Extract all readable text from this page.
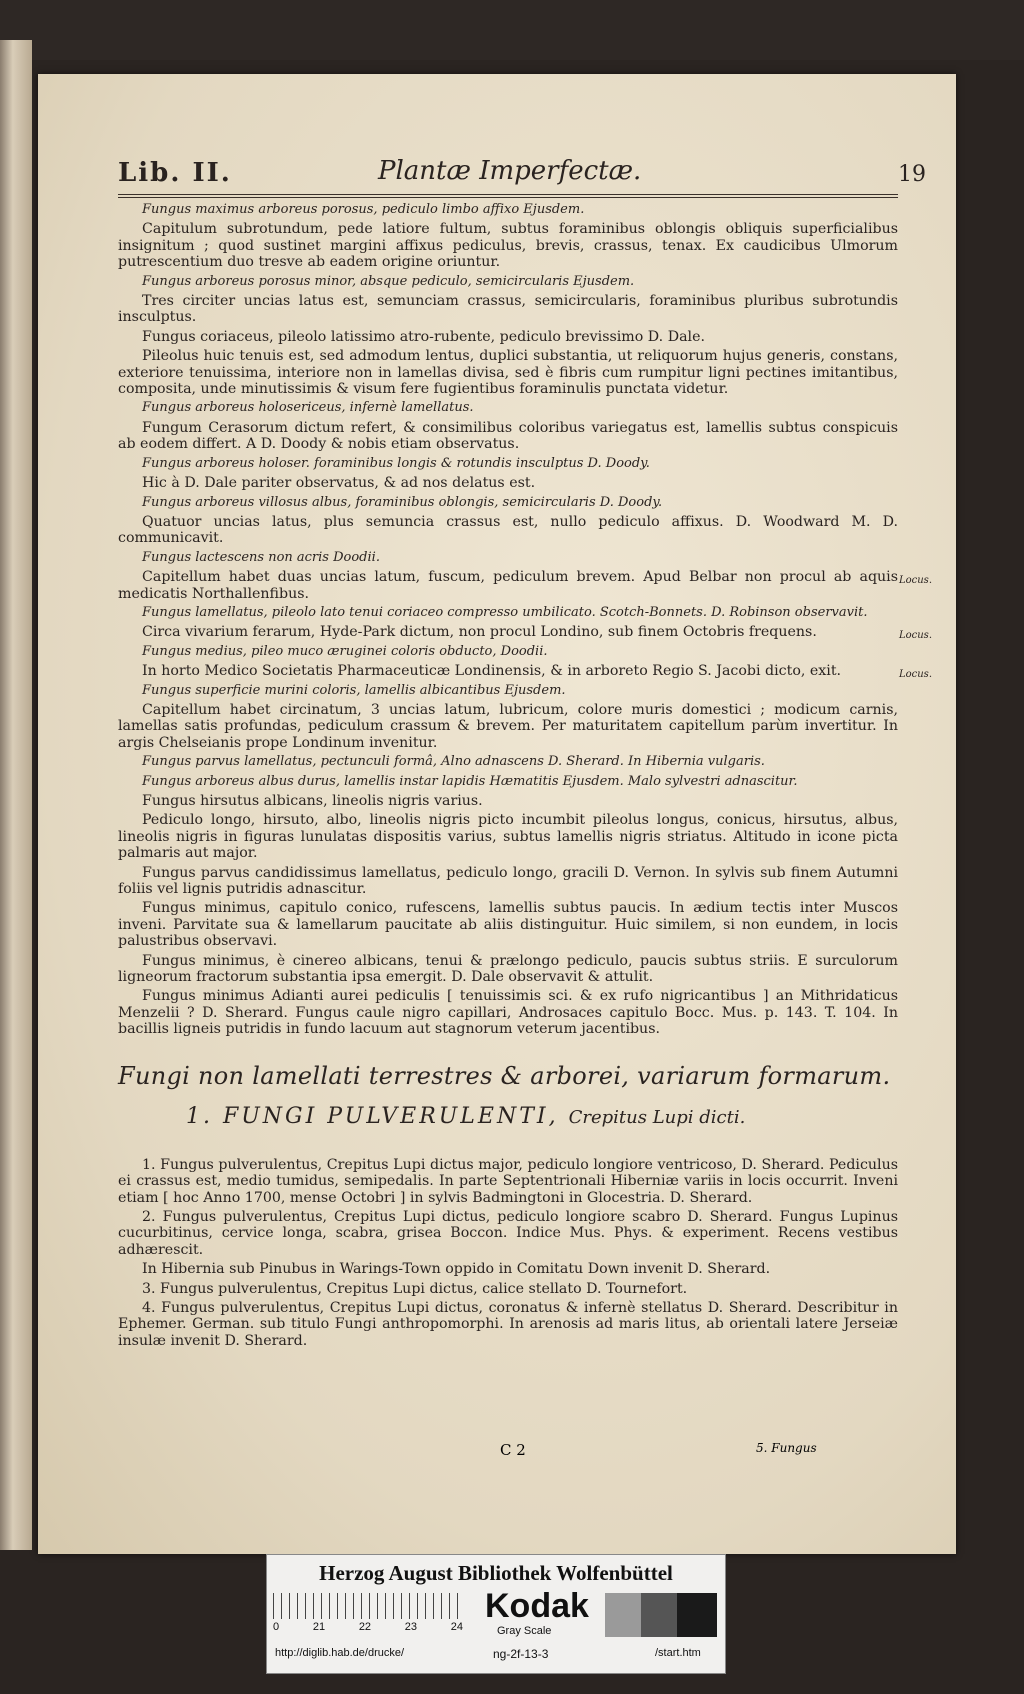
Lib. II.	Plantæ Imperfectæ.	19

Fungus maximus arboreus porosus, pediculo limbo affixo Ejusdem.

Capitulum subrotundum, pede latiore fultum, subtus foraminibus oblongis obliquis superficialibus insignitum ; quod sustinet margini affixus pediculus, brevis, crassus, tenax. Ex caudicibus Ulmorum putrescentium duo tresve ab eadem origine oriuntur.

Fungus arboreus porosus minor, absque pediculo, semicircularis Ejusdem.

Tres circiter uncias latus est, semunciam crassus, semicircularis, foraminibus pluribus subrotundis insculptus.

Fungus coriaceus, pileolo latissimo atro-rubente, pediculo brevissimo D. Dale.

Pileolus huic tenuis est, sed admodum lentus, duplici substantia, ut reliquorum hujus generis, constans, exteriore tenuissima, interiore non in lamellas divisa, sed è fibris cum rumpitur ligni pectines imitantibus, composita, unde minutissimis & visum fere fugientibus foraminulis punctata videtur.

Fungus arboreus holosericeus, infernè lamellatus.

Fungum Cerasorum dictum refert, & consimilibus coloribus variegatus est, lamellis subtus conspicuis ab eodem differt. A D. Doody & nobis etiam observatus.

Fungus arboreus holoser. foraminibus longis & rotundis insculptus D. Doody.

Hic à D. Dale pariter observatus, & ad nos delatus est.

Fungus arboreus villosus albus, foraminibus oblongis, semicircularis D. Doody.

Quatuor uncias latus, plus semuncia crassus est, nullo pediculo affixus. D. Woodward M. D. communicavit.

Fungus lactescens non acris Doodii.

Capitellum habet duas uncias latum, fuscum, pediculum brevem. Apud Belbar non procul ab aquis medicatis Northallenfibus.
Locus.

Fungus lamellatus, pileolo lato tenui coriaceo compresso umbilicato. Scotch-Bonnets. D. Robinson observavit.

Circa vivarium ferarum, Hyde-Park dictum, non procul Londino, sub finem Octobris frequens.	Locus.

Fungus medius, pileo muco æruginei coloris obducto, Doodii.

In horto Medico Societatis Pharmaceuticæ Londinensis, & in arboreto Regio S. Jacobi dicto, exit.	Locus.

Fungus superficie murini coloris, lamellis albicantibus Ejusdem.

Capitellum habet circinatum, 3 uncias latum, lubricum, colore muris domestici ; modicum carnis, lamellas satis profundas, pediculum crassum & brevem. Per maturitatem capitellum parùm invertitur. In argis Chelseianis prope Londinum invenitur.

Fungus parvus lamellatus, pectunculi formâ, Alno adnascens D. Sherard. In Hibernia vulgaris.

Fungus arboreus albus durus, lamellis instar lapidis Hæmatitis Ejusdem. Malo sylvestri adnascitur.

Fungus hirsutus albicans, lineolis nigris varius.

Pediculo longo, hirsuto, albo, lineolis nigris picto incumbit pileolus longus, conicus, hirsutus, albus, lineolis nigris in figuras lunulatas dispositis varius, subtus lamellis nigris striatus. Altitudo in icone picta palmaris aut major.

Fungus parvus candidissimus lamellatus, pediculo longo, gracili D. Vernon. In sylvis sub finem Autumni foliis vel lignis putridis adnascitur.

Fungus minimus, capitulo conico, rufescens, lamellis subtus paucis. In ædium tectis inter Muscos inveni. Parvitate sua & lamellarum paucitate ab aliis distinguitur. Huic similem, si non eundem, in locis palustribus observavi.

Fungus minimus, è cinereo albicans, tenui & prælongo pediculo, paucis subtus striis. E surculorum ligneorum fractorum substantia ipsa emergit. D. Dale observavit & attulit.

Fungus minimus Adianti aurei pediculis [ tenuissimis sci. & ex rufo nigricantibus ] an Mithridaticus Menzelii ? D. Sherard. Fungus caule nigro capillari, Androsaces capitulo Bocc. Mus. p. 143. T. 104. In bacillis ligneis putridis in fundo lacuum aut stagnorum veterum jacentibus.

Fungi non lamellati terrestres & arborei, variarum formarum.
1. FUNGI PULVERULENTI, Crepitus Lupi dicti.

1. Fungus pulverulentus, Crepitus Lupi dictus major, pediculo longiore ventricoso, D. Sherard. Pediculus ei crassus est, medio tumidus, semipedalis. In parte Septentrionali Hiberniæ variis in locis occurrit. Inveni etiam [ hoc Anno 1700, mense Octobri ] in sylvis Badmingtoni in Glocestria. D. Sherard.

2. Fungus pulverulentus, Crepitus Lupi dictus, pediculo longiore scabro D. Sherard. Fungus Lupinus cucurbitinus, cervice longa, scabra, grisea Boccon. Indice Mus. Phys. & experiment. Recens vestibus adhærescit.

In Hibernia sub Pinubus in Warings-Town oppido in Comitatu Down invenit D. Sherard.

3. Fungus pulverulentus, Crepitus Lupi dictus, calice stellato D. Tournefort.

4. Fungus pulverulentus, Crepitus Lupi dictus, coronatus & infernè stellatus D. Sherard. Describitur in Ephemer. German. sub titulo Fungi anthropomorphi. In arenosis ad maris litus, ab orientali latere Jerseiæ insulæ invenit D. Sherard.

C 2	5. Fungus
Herzog August Bibliothek Wolfenbüttel
0	21	22	23	24
Kodak
Gray Scale
http://diglib.hab.de/drucke/	ng-2f-13-3	/start.htm
